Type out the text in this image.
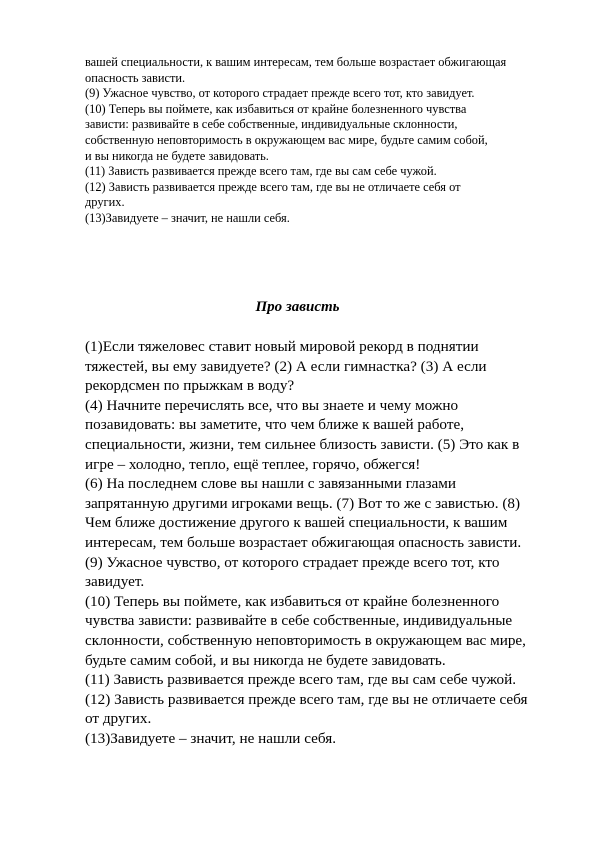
вашей специальности, к вашим интересам, тем больше возрастает обжигающая
опасность зависти.
(9) Ужасное чувство, от которого страдает прежде всего тот, кто завидует.
(10) Теперь вы поймете, как избавиться от крайне болезненного чувства
зависти: развивайте в себе собственные, индивидуальные склонности,
собственную неповторимость в окружающем вас мире, будьте самим собой,
и вы никогда не будете завидовать.
(11) Зависть развивается прежде всего там, где вы сам себе чужой.
(12) Зависть развивается прежде всего там, где вы не отличаете себя от
других.
(13)Завидуете – значит, не нашли себя.
Про зависть
(1)Если тяжеловес ставит новый мировой рекорд в поднятии
тяжестей, вы ему завидуете? (2) А если гимнастка? (3) А если
рекордсмен по прыжкам в воду?
(4) Начните перечислять все, что вы знаете и чему можно
позавидовать: вы заметите, что чем ближе к вашей работе,
специальности, жизни, тем сильнее близость зависти. (5) Это как в
игре – холодно, тепло, ещё теплее, горячо, обжегся!
(6) На последнем слове вы нашли с завязанными глазами
запрятанную другими игроками вещь. (7) Вот то же с завистью. (8)
Чем ближе достижение другого к вашей специальности, к вашим
интересам, тем больше возрастает обжигающая опасность зависти.
(9) Ужасное чувство, от которого страдает прежде всего тот, кто
завидует.
(10) Теперь вы поймете, как избавиться от крайне болезненного
чувства зависти: развивайте в себе собственные, индивидуальные
склонности, собственную неповторимость в окружающем вас мире,
будьте самим собой, и вы никогда не будете завидовать.
(11) Зависть развивается прежде всего там, где вы сам себе чужой.
(12) Зависть развивается прежде всего там, где вы не отличаете себя
от других.
(13)Завидуете – значит, не нашли себя.
